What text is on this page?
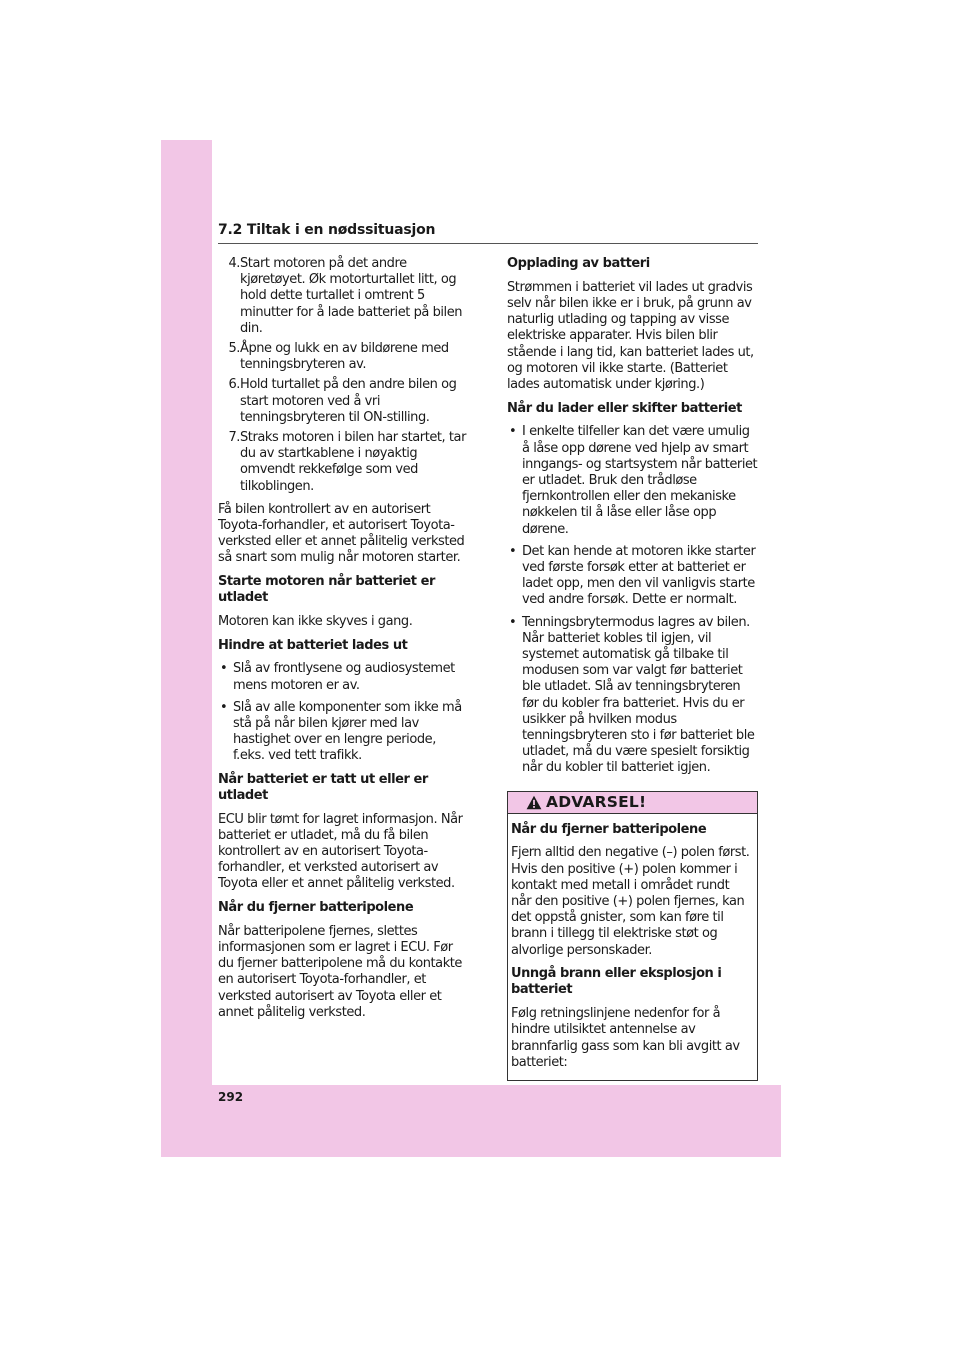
7.2 Tiltak i en nødssituasjon
4. Start motoren på det andre kjøretøyet. Øk motorturtallet litt, og hold dette turtallet i omtrent 5 minutter for å lade batteriet på bilen din.
5. Åpne og lukk en av bildørene med tenningsbryteren av.
6. Hold turtallet på den andre bilen og start motoren ved å vri tenningsbryteren til ON-stilling.
7. Straks motoren i bilen har startet, tar du av startkablene i nøyaktig omvendt rekkefølge som ved tilkoblingen.

Få bilen kontrollert av en autorisert Toyota-forhandler, et autorisert Toyota-verksted eller et annet pålitelig verksted så snart som mulig når motoren starter.

Starte motoren når batteriet er utladet

Motoren kan ikke skyves i gang.

Hindre at batteriet lades ut
• Slå av frontlysene og audiosystemet mens motoren er av.
• Slå av alle komponenter som ikke må stå på når bilen kjører med lav hastighet over en lengre periode, f.eks. ved tett trafikk.
Når batteriet er tatt ut eller er utladet

ECU blir tømt for lagret informasjon. Når batteriet er utladet, må du få bilen kontrollert av en autorisert Toyota-forhandler, et verksted autorisert av Toyota eller et annet pålitelig verksted.

Når du fjerner batteripolene

Når batteripolene fjernes, slettes informasjonen som er lagret i ECU. Før du fjerner batteripolene må du kontakte en autorisert Toyota-forhandler, et verksted autorisert av Toyota eller et annet pålitelig verksted.

Opplading av batteri

Strømmen i batteriet vil lades ut gradvis selv når bilen ikke er i bruk, på grunn av naturlig utlading og tapping av visse elektriske apparater. Hvis bilen blir stående i lang tid, kan batteriet lades ut, og motoren vil ikke starte. (Batteriet lades automatisk under kjøring.)

Når du lader eller skifter batteriet
• I enkelte tilfeller kan det være umulig å låse opp dørene ved hjelp av smart inngangs- og startsystem når batteriet er utladet. Bruk den trådløse fjernkontrollen eller den mekaniske nøkkelen til å låse eller låse opp dørene.
• Det kan hende at motoren ikke starter ved første forsøk etter at batteriet er ladet opp, men den vil vanligvis starte ved andre forsøk. Dette er normalt.
• Tenningsbrytermodus lagres av bilen. Når batteriet kobles til igjen, vil systemet automatisk gå tilbake til modusen som var valgt før batteriet ble utladet. Slå av tenningsbryteren før du kobler fra batteriet. Hvis du er usikker på hvilken modus tenningsbryteren sto i før batteriet ble utladet, må du være spesielt forsiktig når du kobler til batteriet igjen.
ADVARSEL!
Når du fjerner batteripolene

Fjern alltid den negative (–) polen først. Hvis den positive (+) polen kommer i kontakt med metall i området rundt når den positive (+) polen fjernes, kan det oppstå gnister, som kan føre til brann i tillegg til elektriske støt og alvorlige personskader.

Unngå brann eller eksplosjon i batteriet

Følg retningslinjene nedenfor for å hindre utilsiktet antennelse av brannfarlig gass som kan bli avgitt av batteriet:

292
